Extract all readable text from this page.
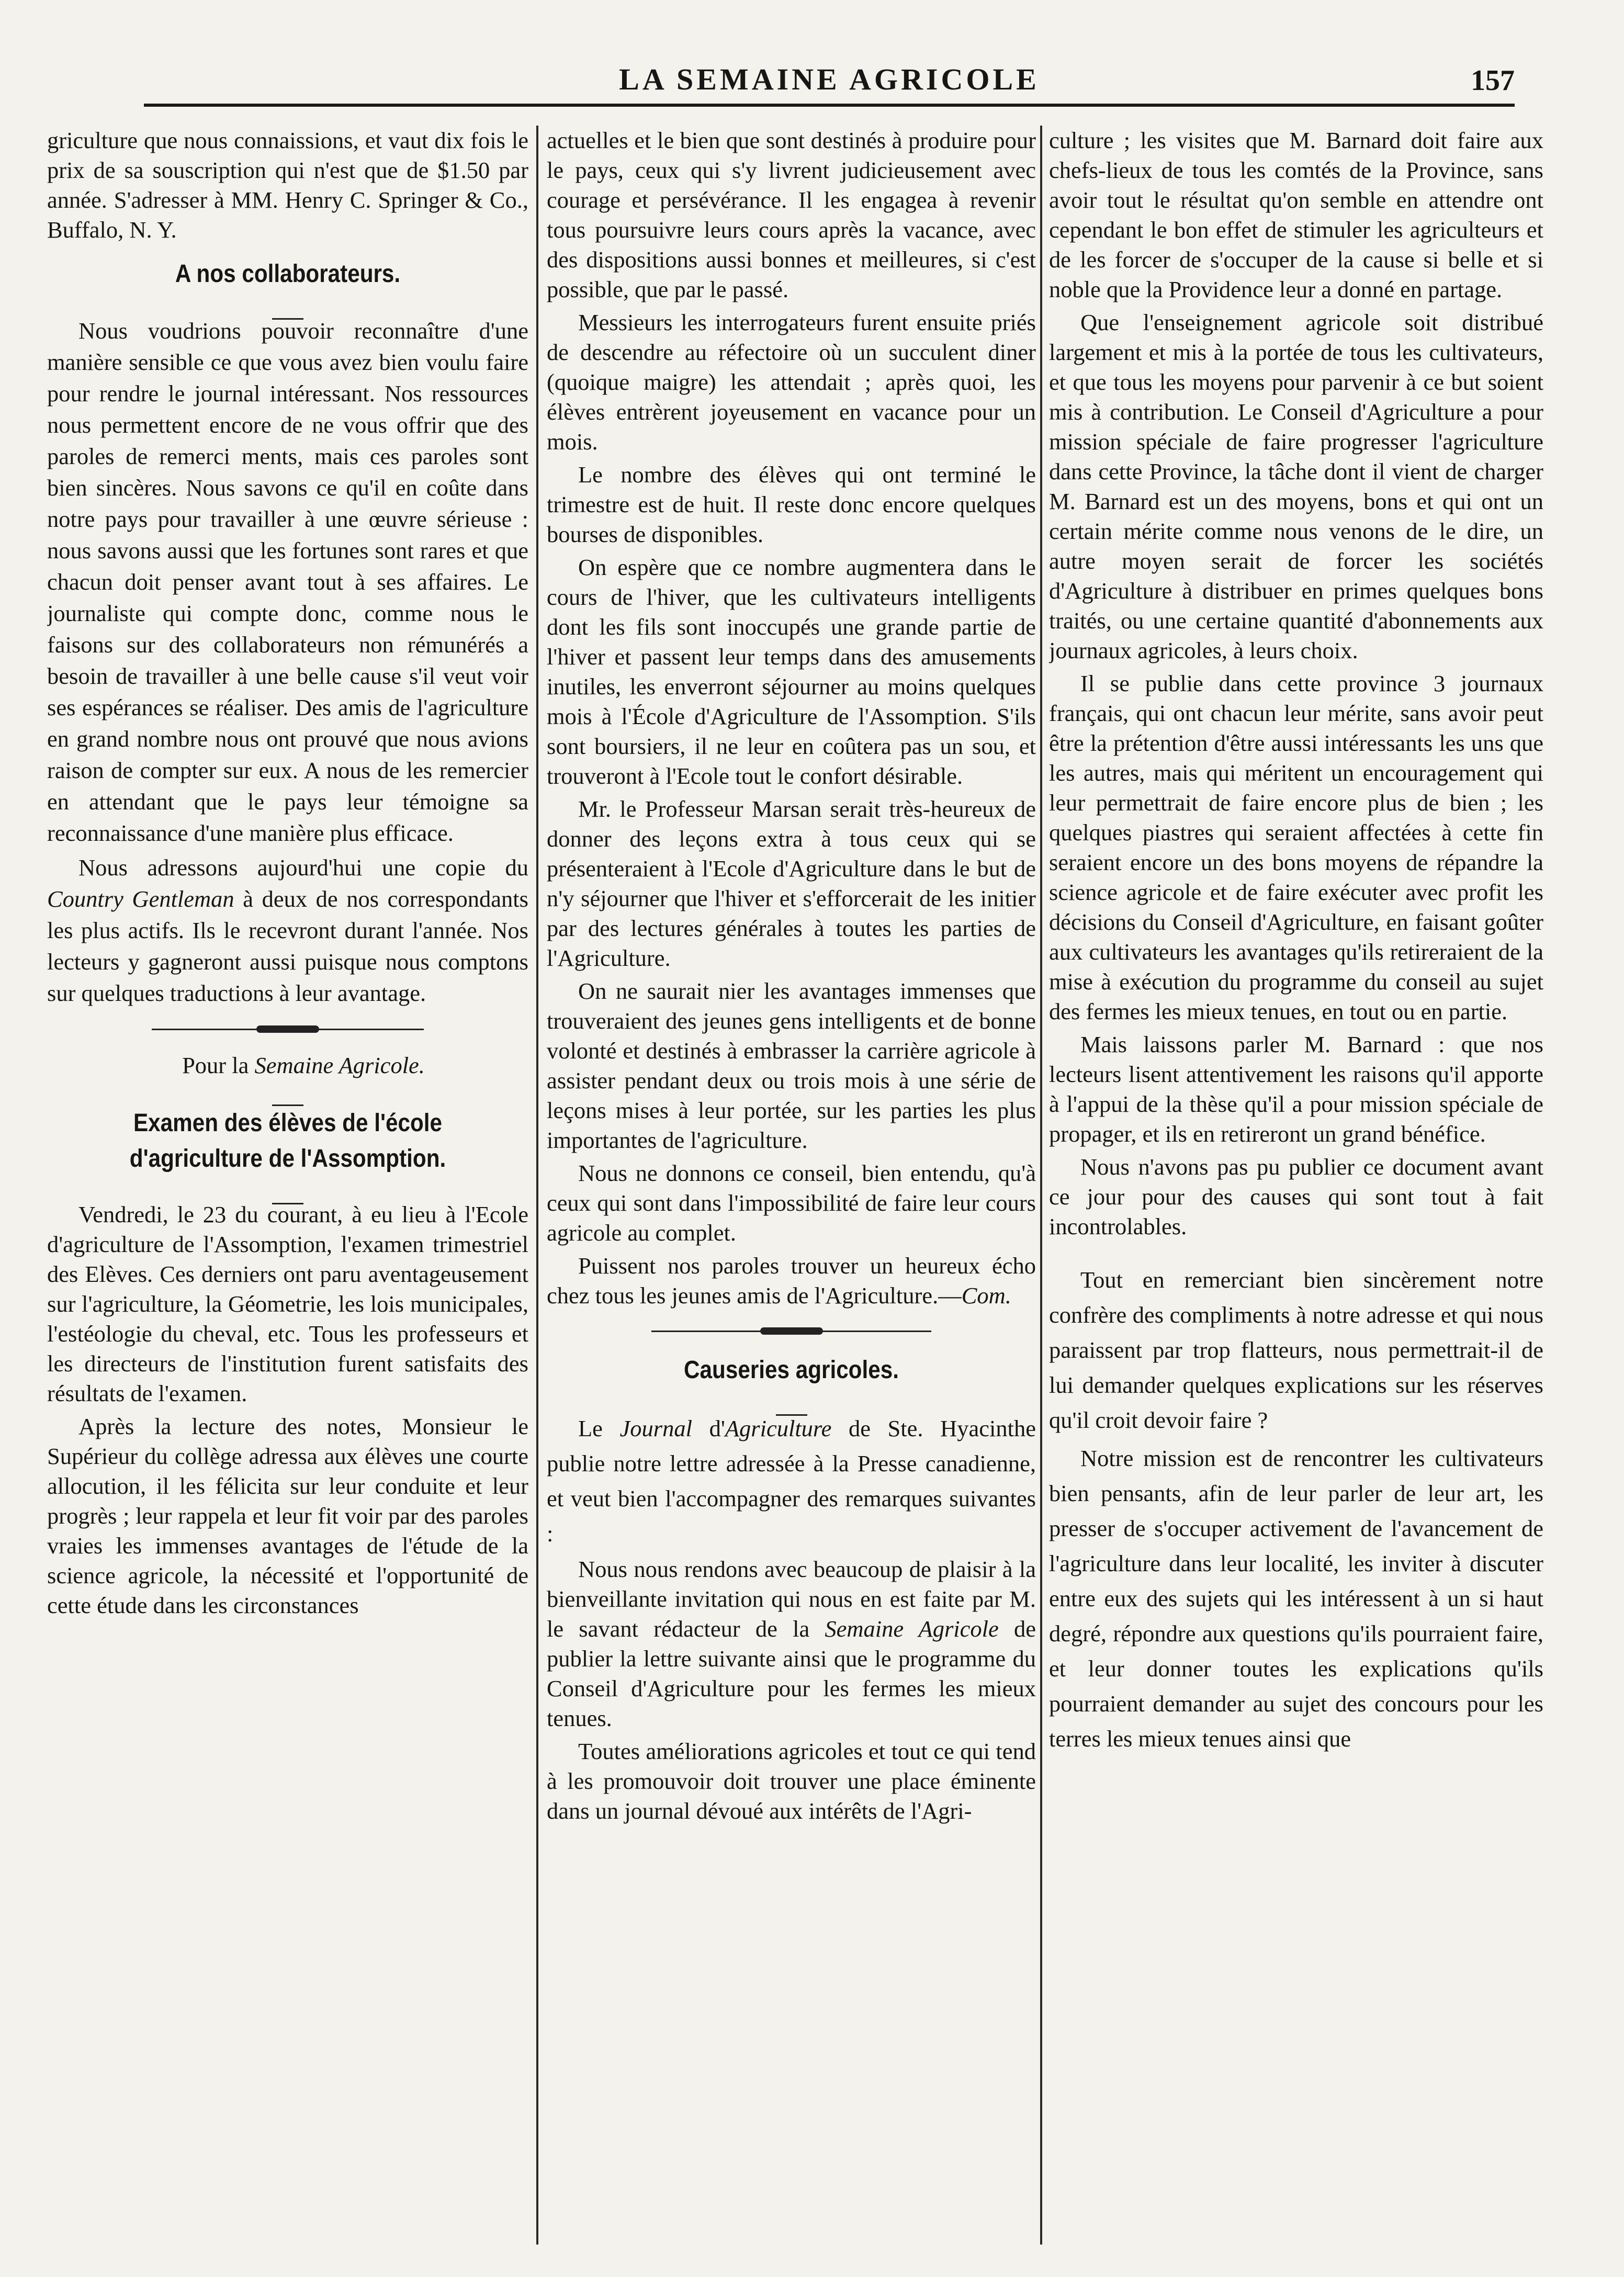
LA SEMAINE AGRICOLE	157

griculture que nous connaissions, et vaut dix fois le prix de sa souscription qui n'est que de $1.50 par année. S'adresser à MM. Henry C. Springer & Co., Buffalo, N. Y.

A nos collaborateurs.

Nous voudrions pouvoir reconnaître d'une manière sensible ce que vous avez bien voulu faire pour rendre le journal intéressant. Nos ressources nous permettent encore de ne vous offrir que des paroles de remerci ments, mais ces paroles sont bien sincères. Nous savons ce qu'il en coûte dans notre pays pour travailler à une œuvre sérieuse : nous savons aussi que les fortunes sont rares et que chacun doit penser avant tout à ses affaires. Le journaliste qui compte donc, comme nous le faisons sur des collaborateurs non rémunérés a besoin de travailler à une belle cause s'il veut voir ses espérances se réaliser. Des amis de l'agriculture en grand nombre nous ont prouvé que nous avions raison de compter sur eux. A nous de les remercier en attendant que le pays leur témoigne sa reconnaissance d'une manière plus efficace.

Nous adressons aujourd'hui une copie du Country Gentleman à deux de nos correspondants les plus actifs. Ils le recevront durant l'année. Nos lecteurs y gagneront aussi puisque nous comptons sur quelques traductions à leur avantage.

Pour la Semaine Agricole.

Examen des élèves de l'école d'agriculture de l'Assomption.

Vendredi, le 23 du courant, à eu lieu à l'Ecole d'agriculture de l'Assomption, l'examen trimestriel des Elèves. Ces derniers ont paru aventageusement sur l'agriculture, la Géometrie, les lois municipales, l'estéologie du cheval, etc. Tous les professeurs et les directeurs de l'institution furent satisfaits des résultats de l'examen.

Après la lecture des notes, Monsieur le Supérieur du collège adressa aux élèves une courte allocution, il les félicita sur leur conduite et leur progrès ; leur rappela et leur fit voir par des paroles vraies les immenses avantages de l'étude de la science agricole, la nécessité et l'opportunité de cette étude dans les circonstances

actuelles et le bien que sont destinés à produire pour le pays, ceux qui s'y livrent judicieusement avec courage et persévérance. Il les engagea à revenir tous poursuivre leurs cours après la vacance, avec des dispositions aussi bonnes et meilleures, si c'est possible, que par le passé.

Messieurs les interrogateurs furent ensuite priés de descendre au réfectoire où un succulent diner (quoique maigre) les attendait ; après quoi, les élèves entrèrent joyeusement en vacance pour un mois.

Le nombre des élèves qui ont terminé le trimestre est de huit. Il reste donc encore quelques bourses de disponibles.

On espère que ce nombre augmentera dans le cours de l'hiver, que les cultivateurs intelligents dont les fils sont inoccupés une grande partie de l'hiver et passent leur temps dans des amusements inutiles, les enverront séjourner au moins quelques mois à l'École d'Agriculture de l'Assomption. S'ils sont boursiers, il ne leur en coûtera pas un sou, et trouveront à l'Ecole tout le confort désirable.

Mr. le Professeur Marsan serait très-heureux de donner des leçons extra à tous ceux qui se présenteraient à l'Ecole d'Agriculture dans le but de n'y séjourner que l'hiver et s'efforcerait de les initier par des lectures générales à toutes les parties de l'Agriculture.

On ne saurait nier les avantages immenses que trouveraient des jeunes gens intelligents et de bonne volonté et destinés à embrasser la carrière agricole à assister pendant deux ou trois mois à une série de leçons mises à leur portée, sur les parties les plus importantes de l'agriculture.

Nous ne donnons ce conseil, bien entendu, qu'à ceux qui sont dans l'impossibilité de faire leur cours agricole au complet.

Puissent nos paroles trouver un heureux écho chez tous les jeunes amis de l'Agriculture.—Com.

Causeries agricoles.

Le Journal d'Agriculture de Ste. Hyacinthe publie notre lettre adressée à la Presse canadienne, et veut bien l'accompagner des remarques suivantes :

Nous nous rendons avec beaucoup de plaisir à la bienveillante invitation qui nous en est faite par M. le savant rédacteur de la Semaine Agricole de publier la lettre suivante ainsi que le programme du Conseil d'Agriculture pour les fermes les mieux tenues.

Toutes améliorations agricoles et tout ce qui tend à les promouvoir doit trouver une place éminente dans un journal dévoué aux intérêts de l'Agri-

culture ; les visites que M. Barnard doit faire aux chefs-lieux de tous les comtés de la Province, sans avoir tout le résultat qu'on semble en attendre ont cependant le bon effet de stimuler les agriculteurs et de les forcer de s'occuper de la cause si belle et si noble que la Providence leur a donné en partage.

Que l'enseignement agricole soit distribué largement et mis à la portée de tous les cultivateurs, et que tous les moyens pour parvenir à ce but soient mis à contribution. Le Conseil d'Agriculture a pour mission spéciale de faire progresser l'agriculture dans cette Province, la tâche dont il vient de charger M. Barnard est un des moyens, bons et qui ont un certain mérite comme nous venons de le dire, un autre moyen serait de forcer les sociétés d'Agriculture à distribuer en primes quelques bons traités, ou une certaine quantité d'abonnements aux journaux agricoles, à leurs choix.

Il se publie dans cette province 3 journaux français, qui ont chacun leur mérite, sans avoir peut être la prétention d'être aussi intéressants les uns que les autres, mais qui méritent un encouragement qui leur permettrait de faire encore plus de bien ; les quelques piastres qui seraient affectées à cette fin seraient encore un des bons moyens de répandre la science agricole et de faire exécuter avec profit les décisions du Conseil d'Agriculture, en faisant goûter aux cultivateurs les avantages qu'ils retireraient de la mise à exécution du programme du conseil au sujet des fermes les mieux tenues, en tout ou en partie.

Mais laissons parler M. Barnard : que nos lecteurs lisent attentivement les raisons qu'il apporte à l'appui de la thèse qu'il a pour mission spéciale de propager, et ils en retireront un grand bénéfice.

Nous n'avons pas pu publier ce document avant ce jour pour des causes qui sont tout à fait incontrolables.

Tout en remerciant bien sincèrement notre confrère des compliments à notre adresse et qui nous paraissent par trop flatteurs, nous permettrait-il de lui demander quelques explications sur les réserves qu'il croit devoir faire ?

Notre mission est de rencontrer les cultivateurs bien pensants, afin de leur parler de leur art, les presser de s'occuper activement de l'avancement de l'agriculture dans leur localité, les inviter à discuter entre eux des sujets qui les intéressent à un si haut degré, répondre aux questions qu'ils pourraient faire, et leur donner toutes les explications qu'ils pourraient demander au sujet des concours pour les terres les mieux tenues ainsi que
